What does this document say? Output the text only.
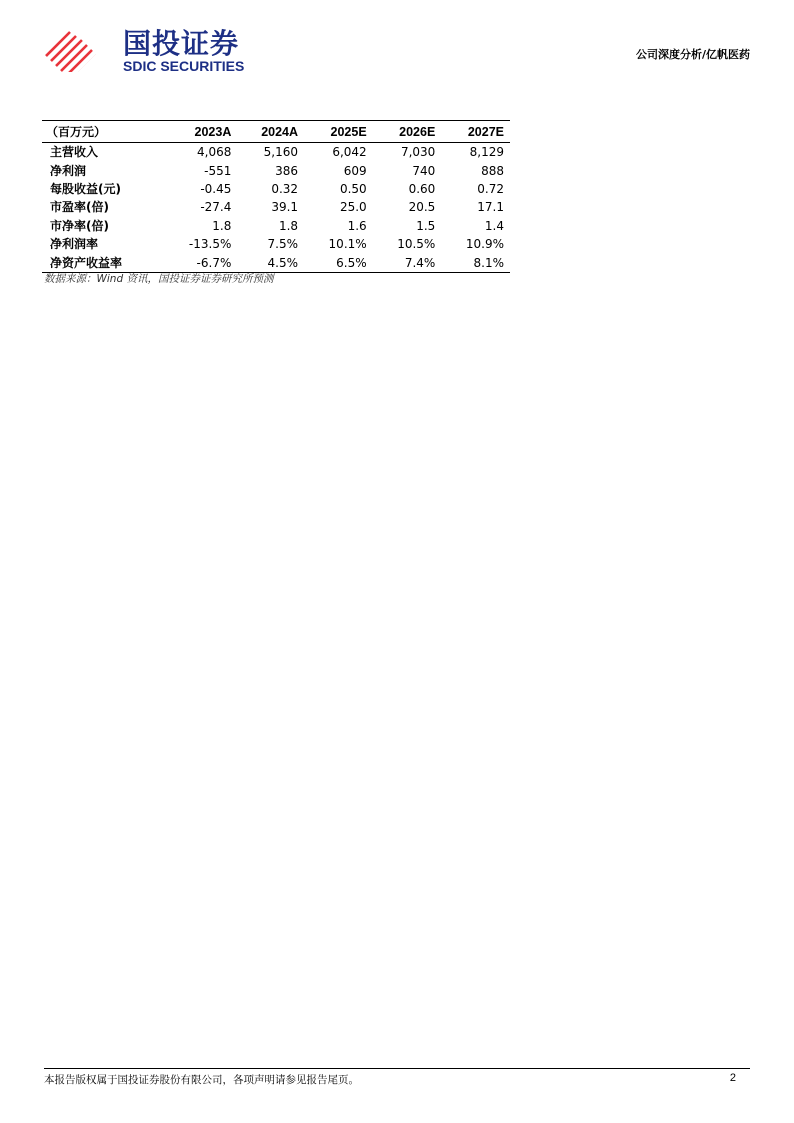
国投证券
SDIC SECURITIES
公司深度分析/亿帆医药
（百万元）	2023A	2024A	2025E	2026E	2027E
主营收入	4,068	5,160	6,042	7,030	8,129
净利润	-551	386	609	740	888
每股收益(元)	-0.45	0.32	0.50	0.60	0.72
市盈率(倍)	-27.4	39.1	25.0	20.5	17.1
市净率(倍)	1.8	1.8	1.6	1.5	1.4
净利润率	-13.5%	7.5%	10.1%	10.5%	10.9%
净资产收益率	-6.7%	4.5%	6.5%	7.4%	8.1%
数据来源：Wind 资讯，国投证券证券研究所预测
本报告版权属于国投证券股份有限公司，各项声明请参见报告尾页。	2
